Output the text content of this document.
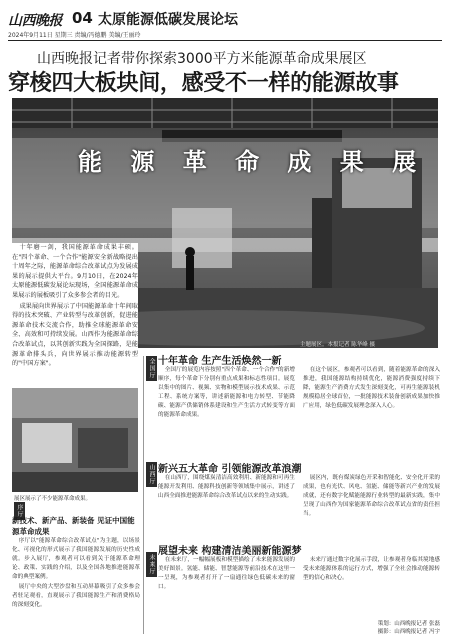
山西晚报 04 太原能源低碳发展论坛
2024年9月11日 星期三 责编/冯德鹏 美编/王丽玲
山西晚报记者带你探索3000平方米能源革命成果展区
穿梭四大板块间，感受不一样的能源故事
能 源 革 命 成 果 展
主题展区。本报记者 陈华峰 摄

十年磨一剑，我国能源革命成果丰硕。在"四个革命、一个合作"能源安全新战略提出十周年之际，能源革命综合改革试点为发展成果的展示提供大平台。9月10日，在2024年太原能源低碳发展论坛现场，全国能源革命成果展示的展板吸引了众多参会者的目光。

成果展向世界展示了中国能源革命十年间取得的技术突破、产业转型与改革创新，促进能源革命技术交流合作，助推全球能源革命安全、高效和可持续发展。山西作为能源革命综合改革试点，以其创新实践为全国探路，是能源革命排头兵，向世界展示推动能源转型的"中国方案"。

展区展示了不少能源革命成果。
序厅
新技术、新产品、新装备 见证中国能源革命成果

序厅以"能源革命综合改革试点"为主题，以场景化、可视化的形式展示了我国能源发展的历史性成就。步入展厅，参观者可以看到关于能源革命理论、政策、实践的介绍，以及全国各地推进能源革命的典型案例。

展厅中央的大型沙盘和互动屏幕吸引了众多参会者驻足观看，直观展示了我国能源生产和消费格局的深刻变化。

全国厅 十年革命 生产生活焕然一新

全国厅的展览内容按照"四个革命、一个合作"的新增顺序，每个革命下分别有重点成果和标志性项目。展览以集中的图片、视频、实物和模型展示技术成果、示范工程、系统方案等，讲述新能源和电力转型、节能降碳、能源产供储销体系建设和生产生活方式转变等方面的能源革命成果。

在这个展区，参观者可以看到，随着能源革命的深入推进，我国能源结构持续优化，能源消费强度持续下降，能源生产消费方式发生深刻变化，可再生能源装机规模稳居全球首位，一批能源技术装备创新成果加快推广应用，绿色低碳发展理念深入人心。

山西厅 新兴五大革命 引领能源改革浪潮

在山西厅，围绕煤炭清洁高效利用、新能源和可再生能源开发利用、能源科技创新等领域集中展示，讲述了山西全面推进能源革命综合改革试点以来的生动实践。

展区内，既有煤炭绿色开采和智能化、安全化开采的成果，也有光伏、风电、氢能、储能等新兴产业的发展成就，还有数字化赋能能源行业转型的最新实践，集中呈现了山西作为国家能源革命综合改革试点省的责任担当。

未来厅
展望未来 构建清洁美丽新能源梦

在未来厅，一幅幅展板和模型描绘了未来能源发展的美好图景。氢能、储能、智慧能源等前沿技术在这里一一呈现，为参观者打开了一扇通往绿色低碳未来的窗口。

未来厅通过数字化展示手段，让参观者身临其境地感受未来能源体系的运行方式，增强了全社会推动能源转型的信心和决心。

策划：山西晚报记者 张磊
摄影：山西晚报记者 冯宇
